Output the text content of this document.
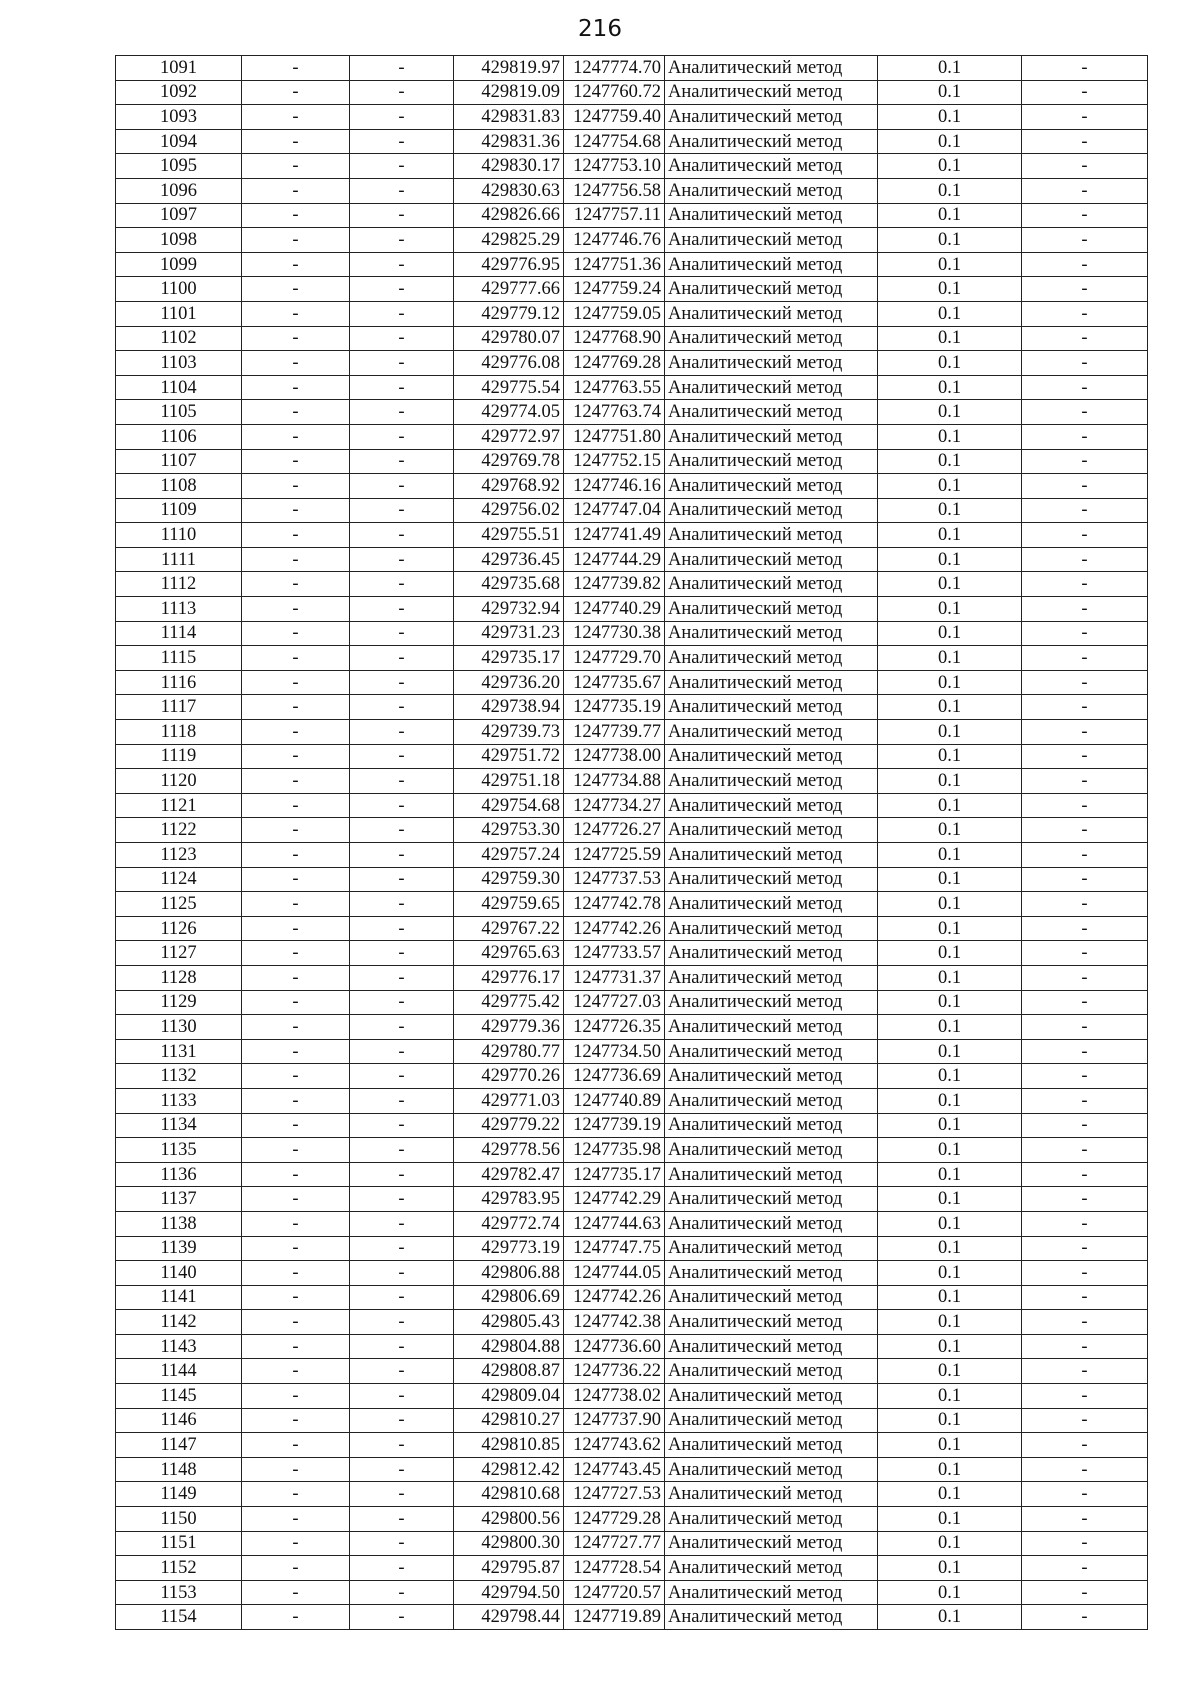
216
1091	-	-	429819.97	1247774.70	Аналитический метод	0.1	-
1092	-	-	429819.09	1247760.72	Аналитический метод	0.1	-
1093	-	-	429831.83	1247759.40	Аналитический метод	0.1	-
1094	-	-	429831.36	1247754.68	Аналитический метод	0.1	-
1095	-	-	429830.17	1247753.10	Аналитический метод	0.1	-
1096	-	-	429830.63	1247756.58	Аналитический метод	0.1	-
1097	-	-	429826.66	1247757.11	Аналитический метод	0.1	-
1098	-	-	429825.29	1247746.76	Аналитический метод	0.1	-
1099	-	-	429776.95	1247751.36	Аналитический метод	0.1	-
1100	-	-	429777.66	1247759.24	Аналитический метод	0.1	-
1101	-	-	429779.12	1247759.05	Аналитический метод	0.1	-
1102	-	-	429780.07	1247768.90	Аналитический метод	0.1	-
1103	-	-	429776.08	1247769.28	Аналитический метод	0.1	-
1104	-	-	429775.54	1247763.55	Аналитический метод	0.1	-
1105	-	-	429774.05	1247763.74	Аналитический метод	0.1	-
1106	-	-	429772.97	1247751.80	Аналитический метод	0.1	-
1107	-	-	429769.78	1247752.15	Аналитический метод	0.1	-
1108	-	-	429768.92	1247746.16	Аналитический метод	0.1	-
1109	-	-	429756.02	1247747.04	Аналитический метод	0.1	-
1110	-	-	429755.51	1247741.49	Аналитический метод	0.1	-
1111	-	-	429736.45	1247744.29	Аналитический метод	0.1	-
1112	-	-	429735.68	1247739.82	Аналитический метод	0.1	-
1113	-	-	429732.94	1247740.29	Аналитический метод	0.1	-
1114	-	-	429731.23	1247730.38	Аналитический метод	0.1	-
1115	-	-	429735.17	1247729.70	Аналитический метод	0.1	-
1116	-	-	429736.20	1247735.67	Аналитический метод	0.1	-
1117	-	-	429738.94	1247735.19	Аналитический метод	0.1	-
1118	-	-	429739.73	1247739.77	Аналитический метод	0.1	-
1119	-	-	429751.72	1247738.00	Аналитический метод	0.1	-
1120	-	-	429751.18	1247734.88	Аналитический метод	0.1	-
1121	-	-	429754.68	1247734.27	Аналитический метод	0.1	-
1122	-	-	429753.30	1247726.27	Аналитический метод	0.1	-
1123	-	-	429757.24	1247725.59	Аналитический метод	0.1	-
1124	-	-	429759.30	1247737.53	Аналитический метод	0.1	-
1125	-	-	429759.65	1247742.78	Аналитический метод	0.1	-
1126	-	-	429767.22	1247742.26	Аналитический метод	0.1	-
1127	-	-	429765.63	1247733.57	Аналитический метод	0.1	-
1128	-	-	429776.17	1247731.37	Аналитический метод	0.1	-
1129	-	-	429775.42	1247727.03	Аналитический метод	0.1	-
1130	-	-	429779.36	1247726.35	Аналитический метод	0.1	-
1131	-	-	429780.77	1247734.50	Аналитический метод	0.1	-
1132	-	-	429770.26	1247736.69	Аналитический метод	0.1	-
1133	-	-	429771.03	1247740.89	Аналитический метод	0.1	-
1134	-	-	429779.22	1247739.19	Аналитический метод	0.1	-
1135	-	-	429778.56	1247735.98	Аналитический метод	0.1	-
1136	-	-	429782.47	1247735.17	Аналитический метод	0.1	-
1137	-	-	429783.95	1247742.29	Аналитический метод	0.1	-
1138	-	-	429772.74	1247744.63	Аналитический метод	0.1	-
1139	-	-	429773.19	1247747.75	Аналитический метод	0.1	-
1140	-	-	429806.88	1247744.05	Аналитический метод	0.1	-
1141	-	-	429806.69	1247742.26	Аналитический метод	0.1	-
1142	-	-	429805.43	1247742.38	Аналитический метод	0.1	-
1143	-	-	429804.88	1247736.60	Аналитический метод	0.1	-
1144	-	-	429808.87	1247736.22	Аналитический метод	0.1	-
1145	-	-	429809.04	1247738.02	Аналитический метод	0.1	-
1146	-	-	429810.27	1247737.90	Аналитический метод	0.1	-
1147	-	-	429810.85	1247743.62	Аналитический метод	0.1	-
1148	-	-	429812.42	1247743.45	Аналитический метод	0.1	-
1149	-	-	429810.68	1247727.53	Аналитический метод	0.1	-
1150	-	-	429800.56	1247729.28	Аналитический метод	0.1	-
1151	-	-	429800.30	1247727.77	Аналитический метод	0.1	-
1152	-	-	429795.87	1247728.54	Аналитический метод	0.1	-
1153	-	-	429794.50	1247720.57	Аналитический метод	0.1	-
1154	-	-	429798.44	1247719.89	Аналитический метод	0.1	-
